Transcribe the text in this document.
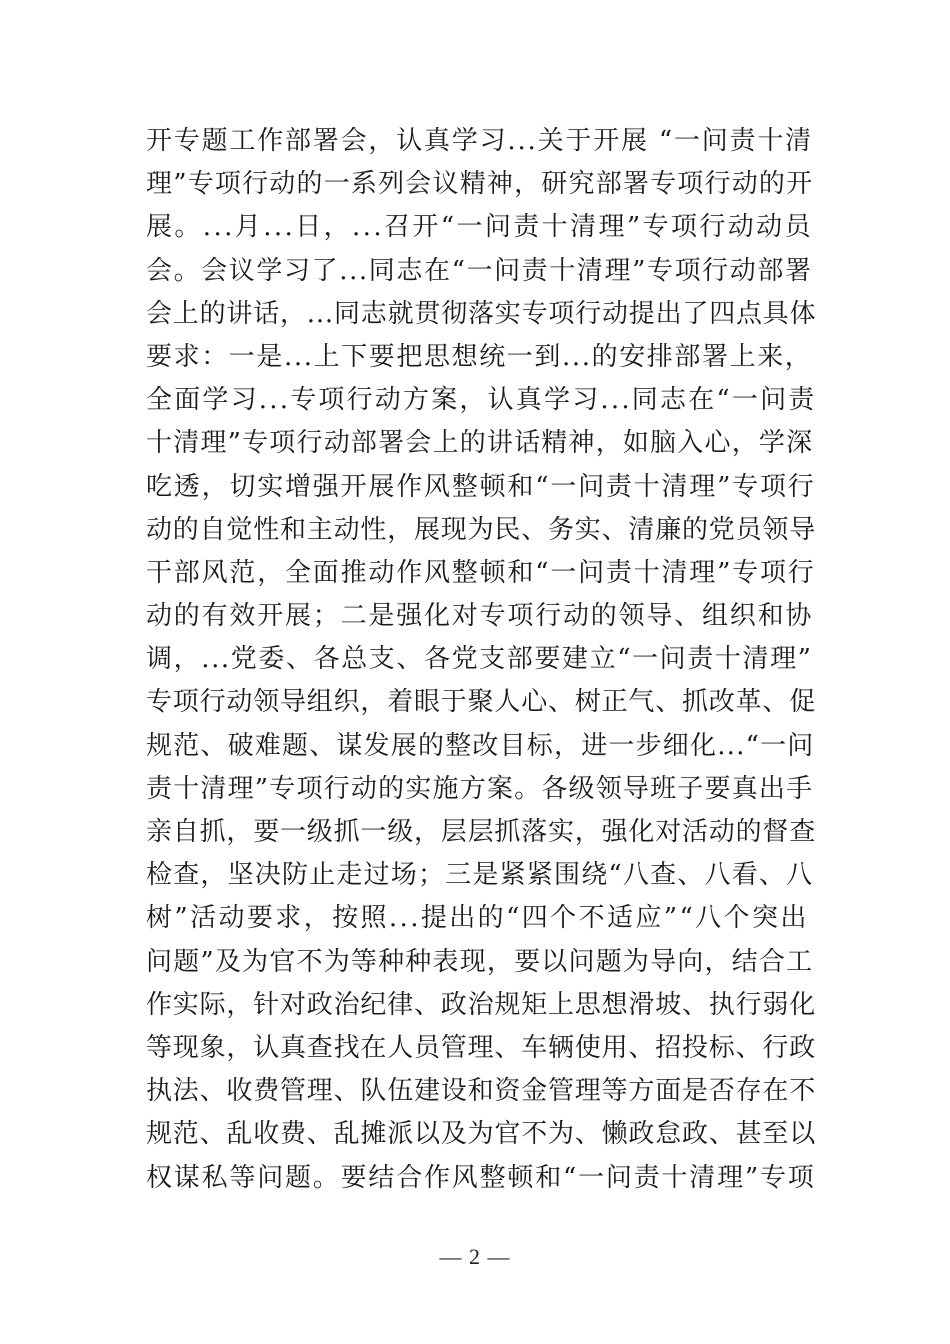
开专题工作部署会，认真学习...关于开展 “一问责十清
理”专项行动的一系列会议精神，研究部署专项行动的开
展。...月...日，...召开“一问责十清理”专项行动动员
会。会议学习了...同志在“一问责十清理”专项行动部署
会上的讲话，...同志就贯彻落实专项行动提出了四点具体
要求：一是...上下要把思想统一到...的安排部署上来，
全面学习...专项行动方案，认真学习...同志在“一问责
十清理”专项行动部署会上的讲话精神，如脑入心，学深
吃透，切实增强开展作风整顿和“一问责十清理”专项行
动的自觉性和主动性，展现为民、务实、清廉的党员领导
干部风范，全面推动作风整顿和“一问责十清理”专项行
动的有效开展；二是强化对专项行动的领导、组织和协
调，...党委、各总支、各党支部要建立“一问责十清理”
专项行动领导组织，着眼于聚人心、树正气、抓改革、促
规范、破难题、谋发展的整改目标，进一步细化...“一问
责十清理”专项行动的实施方案。各级领导班子要真出手
亲自抓，要一级抓一级，层层抓落实，强化对活动的督查
检查，坚决防止走过场；三是紧紧围绕“八查、八看、八
树”活动要求，按照...提出的“四个不适应”“八个突出
问题”及为官不为等种种表现，要以问题为导向，结合工
作实际，针对政治纪律、政治规矩上思想滑坡、执行弱化
等现象，认真查找在人员管理、车辆使用、招投标、行政
执法、收费管理、队伍建设和资金管理等方面是否存在不
规范、乱收费、乱摊派以及为官不为、懒政怠政、甚至以
权谋私等问题。要结合作风整顿和“一问责十清理”专项
— 2 —
